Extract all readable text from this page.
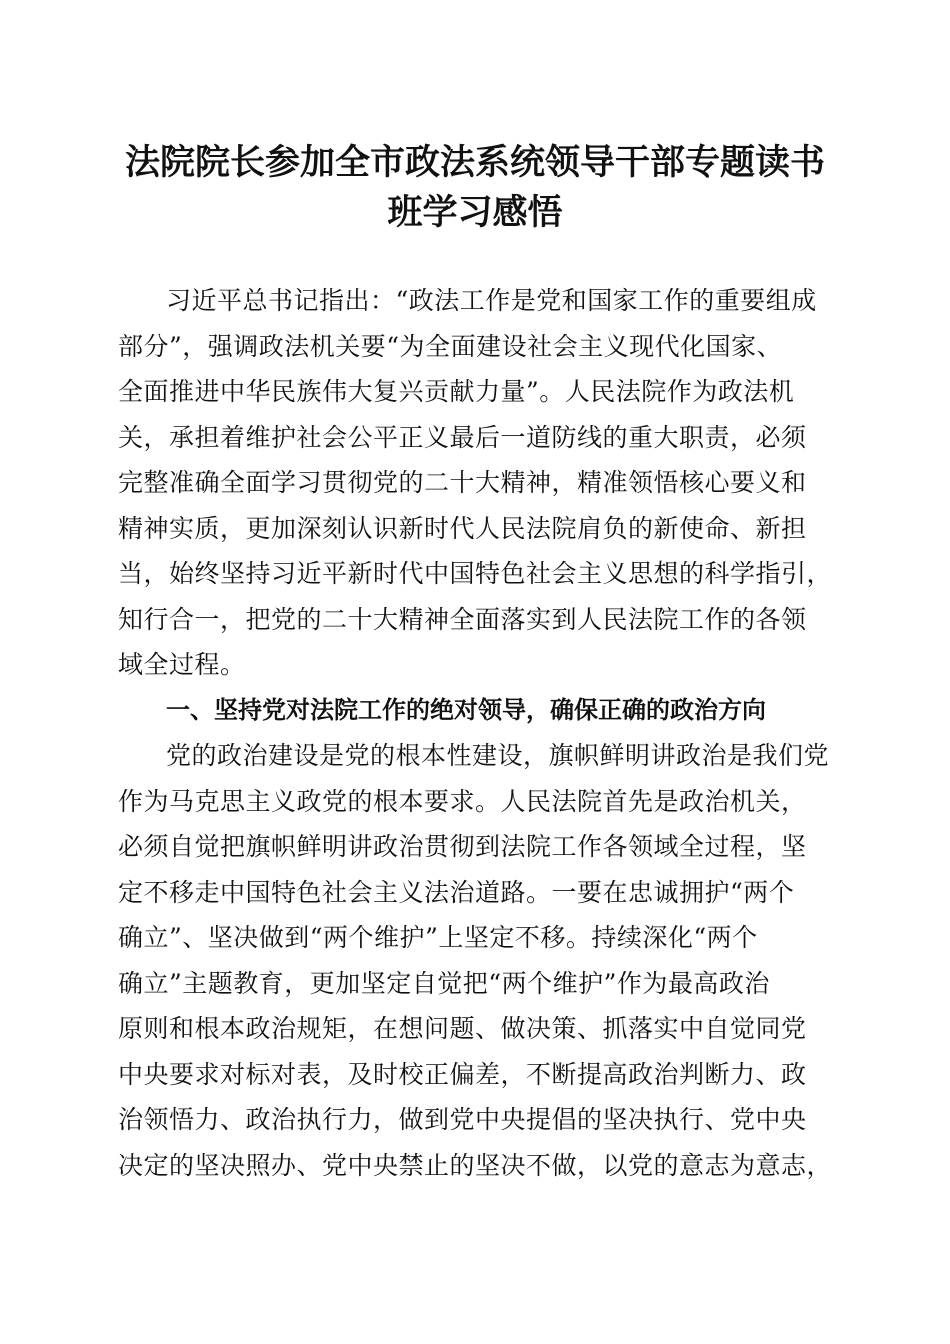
法院院长参加全市政法系统领导干部专题读书
班学习感悟
习近平总书记指出：“政法工作是党和国家工作的重要组成
部分”，强调政法机关要“为全面建设社会主义现代化国家、
全面推进中华民族伟大复兴贡献力量”。人民法院作为政法机
关，承担着维护社会公平正义最后一道防线的重大职责，必须
完整准确全面学习贯彻党的二十大精神，精准领悟核心要义和
精神实质，更加深刻认识新时代人民法院肩负的新使命、新担
当，始终坚持习近平新时代中国特色社会主义思想的科学指引，
知行合一，把党的二十大精神全面落实到人民法院工作的各领
域全过程。
一、坚持党对法院工作的绝对领导，确保正确的政治方向
党的政治建设是党的根本性建设，旗帜鲜明讲政治是我们党
作为马克思主义政党的根本要求。人民法院首先是政治机关，
必须自觉把旗帜鲜明讲政治贯彻到法院工作各领域全过程，坚
定不移走中国特色社会主义法治道路。一要在忠诚拥护“两个
确立”、坚决做到“两个维护”上坚定不移。持续深化“两个
确立”主题教育，更加坚定自觉把“两个维护”作为最高政治
原则和根本政治规矩，在想问题、做决策、抓落实中自觉同党
中央要求对标对表，及时校正偏差，不断提高政治判断力、政
治领悟力、政治执行力，做到党中央提倡的坚决执行、党中央
决定的坚决照办、党中央禁止的坚决不做，以党的意志为意志，
